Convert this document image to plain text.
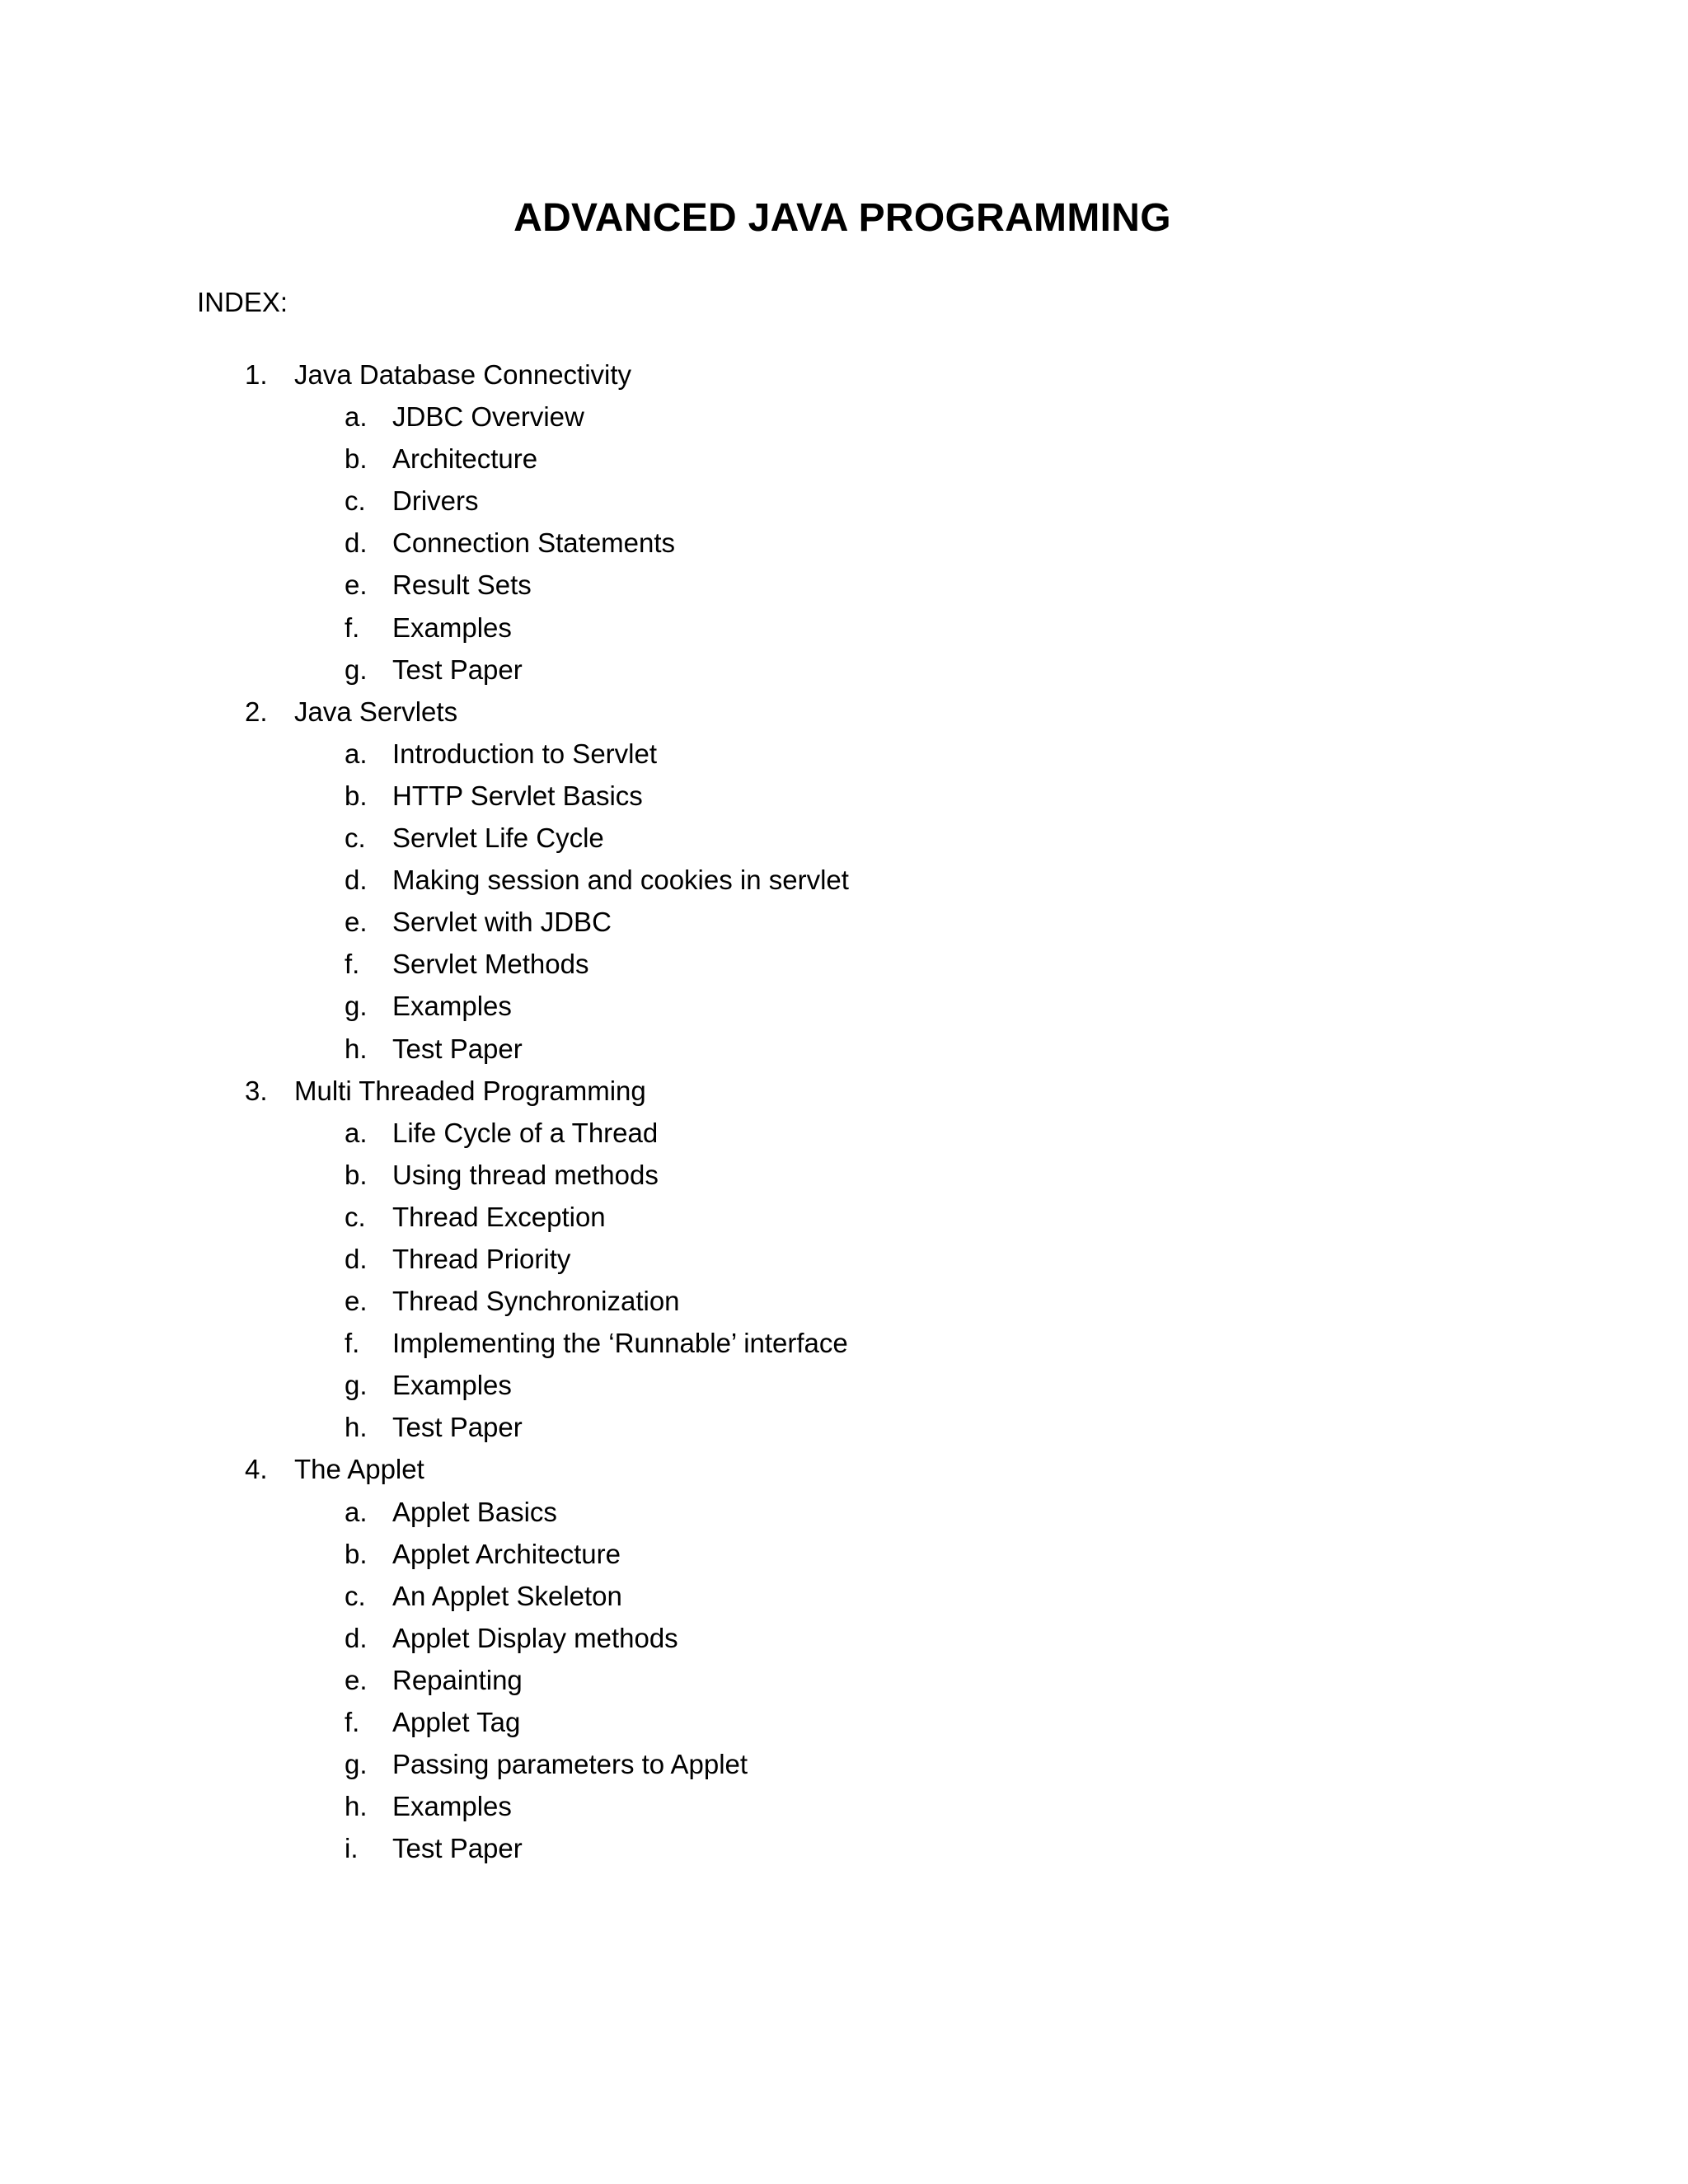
ADVANCED JAVA PROGRAMMING
INDEX:
1. Java Database Connectivity
a. JDBC Overview
b. Architecture
c. Drivers
d. Connection Statements
e. Result Sets
f. Examples
g. Test Paper
2. Java Servlets
a. Introduction to Servlet
b. HTTP Servlet Basics
c. Servlet Life Cycle
d. Making session and cookies in servlet
e. Servlet with JDBC
f. Servlet Methods
g. Examples
h. Test Paper
3. Multi Threaded Programming
a. Life Cycle of a Thread
b. Using thread methods
c. Thread Exception
d. Thread Priority
e. Thread Synchronization
f. Implementing the ‘Runnable’ interface
g. Examples
h. Test Paper
4. The Applet
a. Applet Basics
b. Applet Architecture
c. An Applet Skeleton
d. Applet Display methods
e. Repainting
f. Applet Tag
g. Passing parameters to Applet
h. Examples
i. Test Paper
